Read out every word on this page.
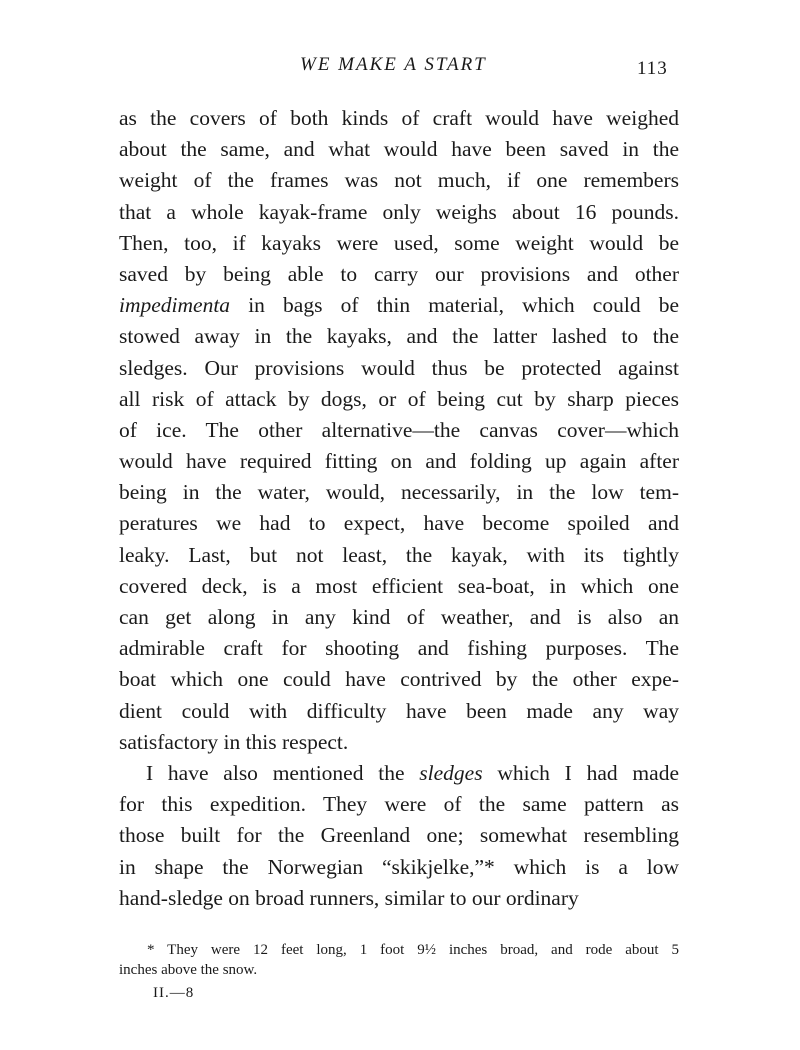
WE MAKE A START	113
as the covers of both kinds of craft would have weighed
about the same, and what would have been saved in the
weight of the frames was not much, if one remembers
that a whole kayak-frame only weighs about 16 pounds.
Then, too, if kayaks were used, some weight would be
saved by being able to carry our provisions and other
impedimenta in bags of thin material, which could be
stowed away in the kayaks, and the latter lashed to the
sledges. Our provisions would thus be protected against
all risk of attack by dogs, or of being cut by sharp pieces
of ice. The other alternative—the canvas cover—which
would have required fitting on and folding up again after
being in the water, would, necessarily, in the low tem-
peratures we had to expect, have become spoiled and
leaky. Last, but not least, the kayak, with its tightly
covered deck, is a most efficient sea-boat, in which one
can get along in any kind of weather, and is also an
admirable craft for shooting and fishing purposes. The
boat which one could have contrived by the other expe-
dient could with difficulty have been made any way
satisfactory in this respect.
I have also mentioned the sledges which I had made
for this expedition. They were of the same pattern as
those built for the Greenland one; somewhat resembling
in shape the Norwegian “skikjelke,”* which is a low
hand-sledge on broad runners, similar to our ordinary
* They were 12 feet long, 1 foot 9½ inches broad, and rode about 5
inches above the snow.
II.—8
